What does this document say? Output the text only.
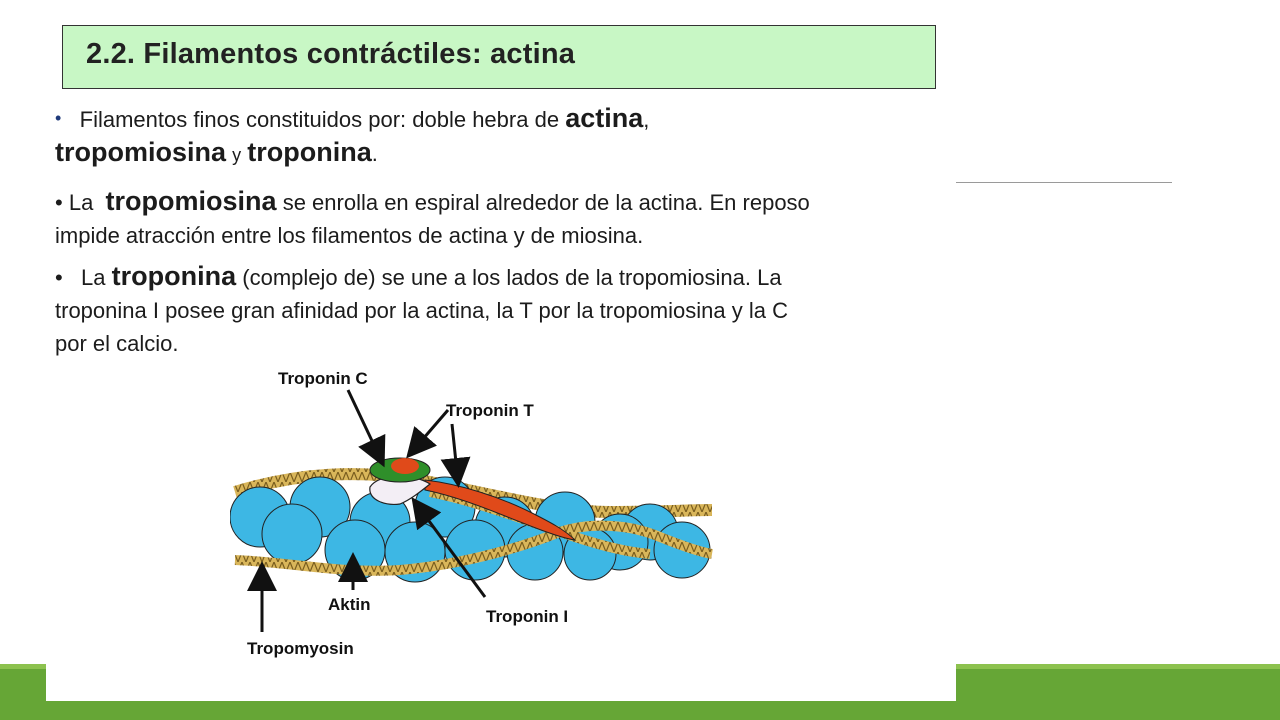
2.2. Filamentos contráctiles: actina
• Filamentos finos constituidos por: doble hebra de actina,
tropomiosina y troponina.
• La tropomiosina se enrolla en espiral alrededor de la actina. En reposo
impide atracción entre los filamentos de actina y de miosina.
• La troponina (complejo de) se une a los lados de la tropomiosina. La
troponina I posee gran afinidad por la actina, la T por la tropomiosina y la C
por el calcio.
Troponin C
Troponin T
Aktin
Troponin I
Tropomyosin
